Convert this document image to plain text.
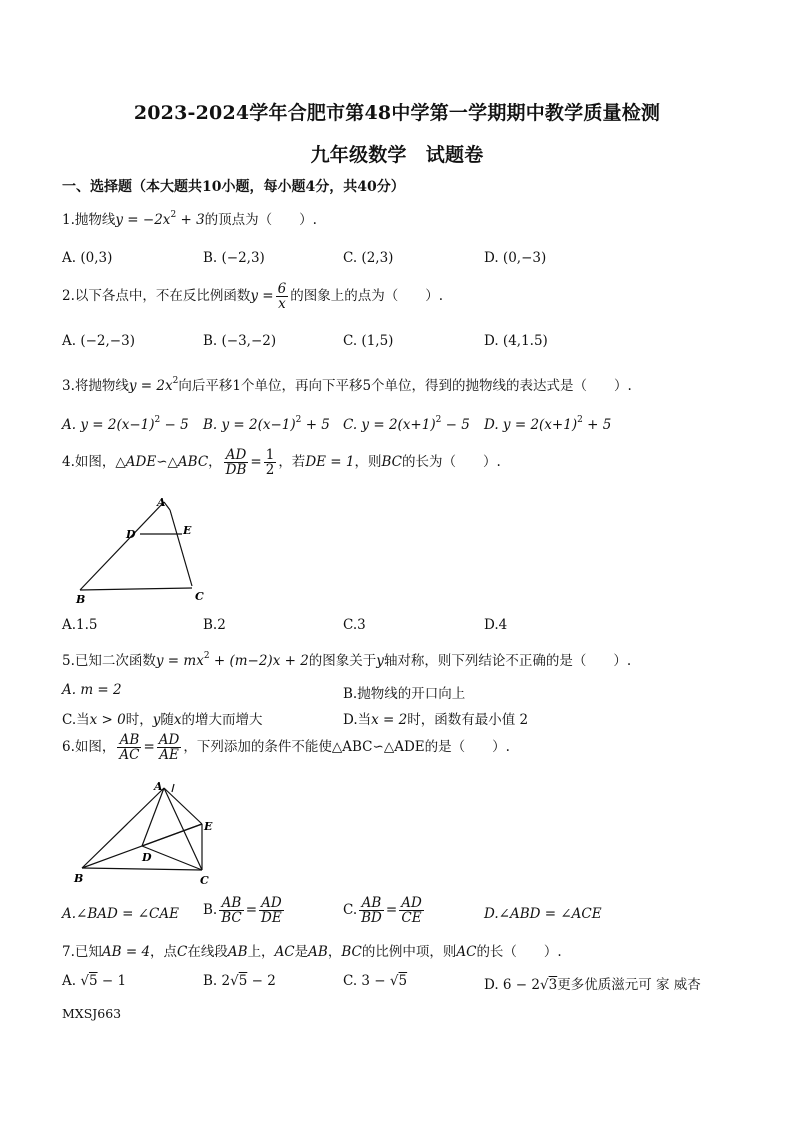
2023-2024学年合肥市第48中学第一学期期中教学质量检测
九年级数学　试题卷
一、选择题（本大题共10小题，每小题4分，共40分）
1.抛物线$y = -2x^2 + 3$的顶点为（　　）.
A. (0,3)	B. (−2,3)	C. (2,3)	D. (0,−3)
2.以下各点中，不在反比例函数$y = \frac{6}{x}$ 的图象上的点为（　　）.
A. (−2,−3)	B. (−3,−2)	C. (1,5)	D. (4,1.5)
3.将抛物线$y = 2x^2$向后平移1个单位，再向下平移5个单位，得到的抛物线的表达式是（　　）.
A. $y = 2(x-1)^2 - 5$ B. $y = 2(x-1)^2 + 5$ C. $y = 2(x+1)^2 - 5$ D. $y = 2(x+1)^2 + 5$
4.如图，△ADE∽△ABC， $\frac{AD}{DB} = \frac{1}{2}$ ，若DE = 1，则BC的长为（　　）.
A
D	E
B	C
A.1.5	B.2	C.3	D.4
5.已知二次函数$y = mx^2 + (m-2)x + 2$的图象关于y轴对称，则下列结论不正确的是（　　）.
A. m = 2	B.抛物线的开口向上
C.当x > 0时，y随x的增大而增大	D.当x = 2时，函数有最小值 2
6.如图， $\frac{AB}{AC} = \frac{AD}{AE}$ ，下列添加的条件不能使△ABC∽△ADE的是（　　）.
A
E
D
B	C
A.∠BAD = ∠CAE B. $\frac{AB}{BC} = \frac{AD}{DE}$	C. $\frac{AB}{BD} = \frac{AD}{CE}$	D.∠ABD = ∠ACE
7.已知AB = 4，点C在线段AB上，AC是AB，BC的比例中项，则AC的长（　　）.
A. √5 − 1	B. 2√5 − 2	C. 3 − √5	D. 6 − 2√3更多优质滋元可 家 威杏
MXSJ663
